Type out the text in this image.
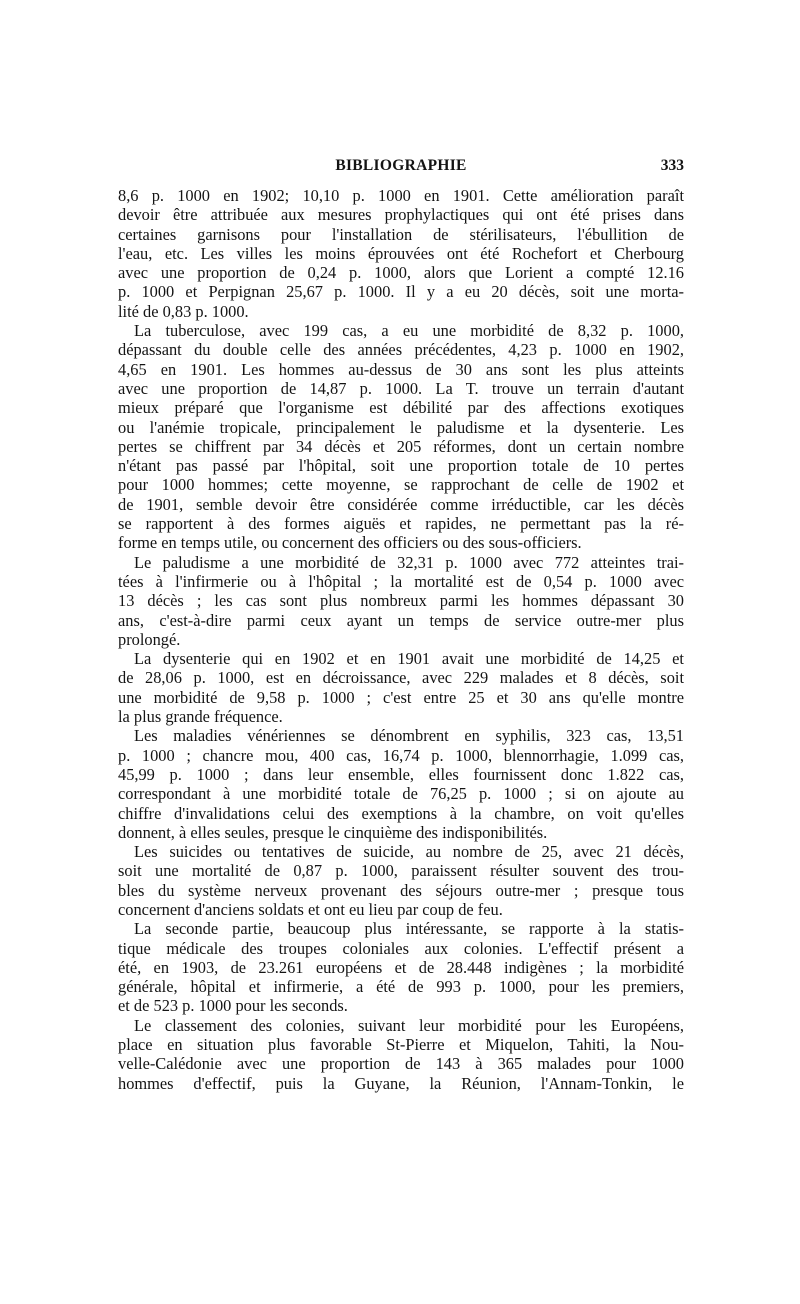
BIBLIOGRAPHIE	333
8,6 p. 1000 en 1902; 10,10 p. 1000 en 1901. Cette amélioration paraît
devoir être attribuée aux mesures prophylactiques qui ont été prises dans
certaines garnisons pour l'installation de stérilisateurs, l'ébullition de
l'eau, etc. Les villes les moins éprouvées ont été Rochefort et Cherbourg
avec une proportion de 0,24 p. 1000, alors que Lorient a compté 12.16
p. 1000 et Perpignan 25,67 p. 1000. Il y a eu 20 décès, soit une morta-
lité de 0,83 p. 1000.
La tuberculose, avec 199 cas, a eu une morbidité de 8,32 p. 1000,
dépassant du double celle des années précédentes, 4,23 p. 1000 en 1902,
4,65 en 1901. Les hommes au-dessus de 30 ans sont les plus atteints
avec une proportion de 14,87 p. 1000. La T. trouve un terrain d'autant
mieux préparé que l'organisme est débilité par des affections exotiques
ou l'anémie tropicale, principalement le paludisme et la dysenterie. Les
pertes se chiffrent par 34 décès et 205 réformes, dont un certain nombre
n'étant pas passé par l'hôpital, soit une proportion totale de 10 pertes
pour 1000 hommes; cette moyenne, se rapprochant de celle de 1902 et
de 1901, semble devoir être considérée comme irréductible, car les décès
se rapportent à des formes aiguës et rapides, ne permettant pas la ré-
forme en temps utile, ou concernent des officiers ou des sous-officiers.
Le paludisme a une morbidité de 32,31 p. 1000 avec 772 atteintes trai-
tées à l'infirmerie ou à l'hôpital ; la mortalité est de 0,54 p. 1000 avec
13 décès ; les cas sont plus nombreux parmi les hommes dépassant 30
ans, c'est-à-dire parmi ceux ayant un temps de service outre-mer plus
prolongé.
La dysenterie qui en 1902 et en 1901 avait une morbidité de 14,25 et
de 28,06 p. 1000, est en décroissance, avec 229 malades et 8 décès, soit
une morbidité de 9,58 p. 1000 ; c'est entre 25 et 30 ans qu'elle montre
la plus grande fréquence.
Les maladies vénériennes se dénombrent en syphilis, 323 cas, 13,51
p. 1000 ; chancre mou, 400 cas, 16,74 p. 1000, blennorrhagie, 1.099 cas,
45,99 p. 1000 ; dans leur ensemble, elles fournissent donc 1.822 cas,
correspondant à une morbidité totale de 76,25 p. 1000 ; si on ajoute au
chiffre d'invalidations celui des exemptions à la chambre, on voit qu'elles
donnent, à elles seules, presque le cinquième des indisponibilités.
Les suicides ou tentatives de suicide, au nombre de 25, avec 21 décès,
soit une mortalité de 0,87 p. 1000, paraissent résulter souvent des trou-
bles du système nerveux provenant des séjours outre-mer ; presque tous
concernent d'anciens soldats et ont eu lieu par coup de feu.
La seconde partie, beaucoup plus intéressante, se rapporte à la statis-
tique médicale des troupes coloniales aux colonies. L'effectif présent a
été, en 1903, de 23.261 européens et de 28.448 indigènes ; la morbidité
générale, hôpital et infirmerie, a été de 993 p. 1000, pour les premiers,
et de 523 p. 1000 pour les seconds.
Le classement des colonies, suivant leur morbidité pour les Européens,
place en situation plus favorable St-Pierre et Miquelon, Tahiti, la Nou-
velle-Calédonie avec une proportion de 143 à 365 malades pour 1000
hommes d'effectif, puis la Guyane, la Réunion, l'Annam-Tonkin, le
